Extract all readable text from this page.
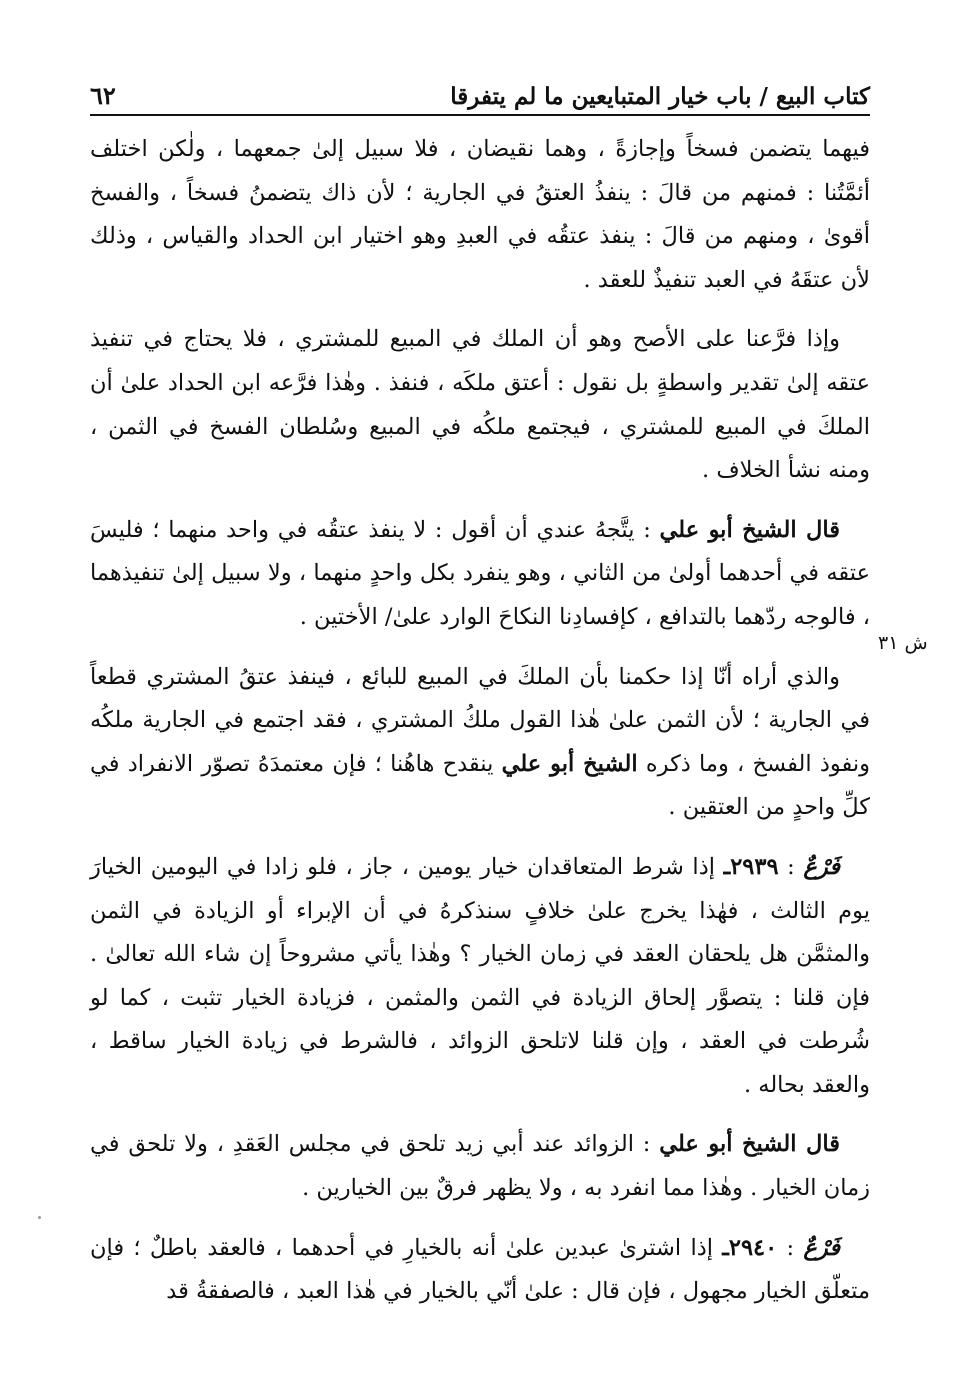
كتاب البيع / باب خيار المتبايعين ما لم يتفرقا
٦٢

فيهما يتضمن فسخاً وإجازةً ، وهما نقيضان ، فلا سبيل إلىٰ جمعهما ، ولٰكن اختلف أئمَّتُنا : فمنهم من قالَ : ينفذُ العتقُ في الجارية ؛ لأن ذاك يتضمنُ فسخاً ، والفسخ أقوىٰ ، ومنهم من قالَ : ينفذ عتقُه في العبدِ وهو اختيار ابن الحداد والقياس ، وذلك لأن عتقَهُ في العبد تنفيذٌ للعقد .

وإذا فرَّعنا على الأصح وهو أن الملك في المبيع للمشتري ، فلا يحتاج في تنفيذ عتقه إلىٰ تقدير واسطةٍ بل نقول : أعتق ملكَه ، فنفذ . وهٰذا فرَّعه ابن الحداد علىٰ أن الملكَ في المبيع للمشتري ، فيجتمع ملكُه في المبيع وسُلطان الفسخ في الثمن ، ومنه نشأ الخلاف .

قال الشيخ أبو علي : يتَّجهُ عندي أن أقول : لا ينفذ عتقُه في واحد منهما ؛ فليسَ عتقه في أحدهما أولىٰ من الثاني ، وهو ينفرد بكل واحدٍ منهما ، ولا سبيل إلىٰ تنفيذهما ، فالوجه ردّهما بالتدافع ، كإفسادِنا النكاحَ الوارد علىٰ/ الأختين .

والذي أراه أنّا إذا حكمنا بأن الملكَ في المبيع للبائع ، فينفذ عتقُ المشتري قطعاً في الجارية ؛ لأن الثمن علىٰ هٰذا القول ملكُ المشتري ، فقد اجتمع في الجارية ملكُه ونفوذ الفسخ ، وما ذكره الشيخ أبو علي ينقدح هاهُنا ؛ فإن معتمدَهُ تصوّر الانفراد في كلِّ واحدٍ من العتقين .

فَرْعٌ : ٢٩٣٩ـ إذا شرط المتعاقدان خيار يومين ، جاز ، فلو زادا في اليومين الخيارَ يوم الثالث ، فهٰذا يخرج علىٰ خلافٍ سنذكرهُ في أن الإبراء أو الزيادة في الثمن والمثمَّن هل يلحقان العقد في زمان الخيار ؟ وهٰذا يأتي مشروحاً إن شاء الله تعالىٰ . فإن قلنا : يتصوَّر إلحاق الزيادة في الثمن والمثمن ، فزيادة الخيار تثبت ، كما لو شُرطت في العقد ، وإن قلنا لاتلحق الزوائد ، فالشرط في زيادة الخيار ساقط ، والعقد بحاله .

قال الشيخ أبو علي : الزوائد عند أبي زيد تلحق في مجلس العَقدِ ، ولا تلحق في زمان الخيار . وهٰذا مما انفرد به ، ولا يظهر فرقٌ بين الخيارين .

فَرْعٌ : ٢٩٤٠ـ إذا اشترىٰ عبدين علىٰ أنه بالخيارِ في أحدهما ، فالعقد باطلٌ ؛ فإن متعلّق الخيار مجهول ، فإن قال : علىٰ أنّي بالخيار في هٰذا العبد ، فالصفقةُ قد

ش ٣١
